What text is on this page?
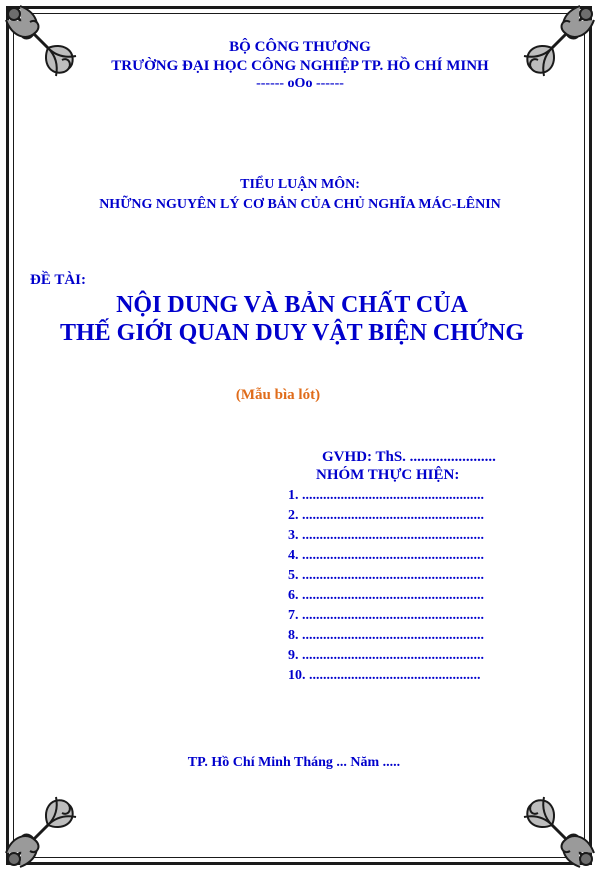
BỘ CÔNG THƯƠNG
TRƯỜNG ĐẠI HỌC CÔNG NGHIỆP TP. HỒ CHÍ MINH
------ oOo ------
TIỂU LUẬN MÔN:
NHỮNG NGUYÊN LÝ CƠ BẢN CỦA CHỦ NGHĨA MÁC-LÊNIN
ĐỀ TÀI:
NỘI DUNG VÀ BẢN CHẤT CỦA
THẾ GIỚI QUAN DUY VẬT BIỆN CHỨNG
(Mẫu bìa lót)
GVHD: ThS. .......................
NHÓM THỰC HIỆN:
1. ....................................................
2. ....................................................
3. ....................................................
4. ....................................................
5. ....................................................
6. ....................................................
7. ....................................................
8. ....................................................
9. ....................................................
10. .................................................
TP. Hồ Chí Minh Tháng ... Năm .....
